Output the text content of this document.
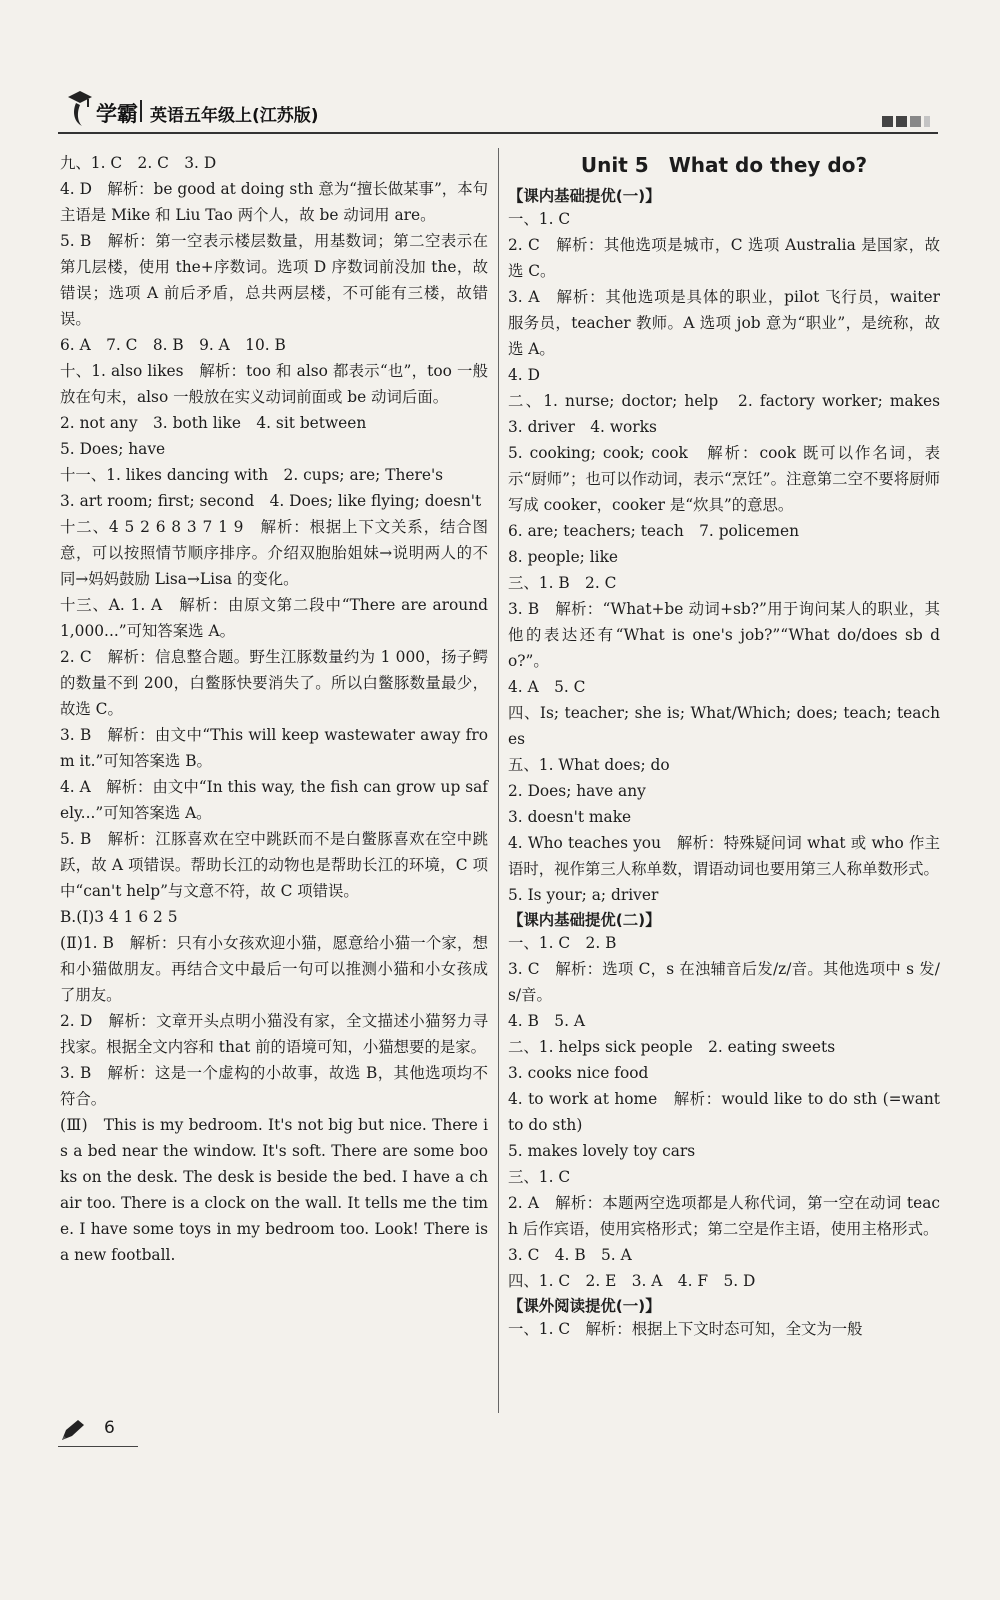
学霸 英语五年级上(江苏版)

九、1. C　2. C　3. D

4. D　解析：be good at doing sth 意为“擅长做某事”，本句主语是 Mike 和 Liu Tao 两个人，故 be 动词用 are。

5. B　解析：第一空表示楼层数量，用基数词；第二空表示在第几层楼，使用 the+序数词。选项 D 序数词前没加 the，故错误；选项 A 前后矛盾，总共两层楼，不可能有三楼，故错误。

6. A　7. C　8. B　9. A　10. B

十、1. also likes　解析：too 和 also 都表示“也”，too 一般放在句末，also 一般放在实义动词前面或 be 动词后面。

2. not any　3. both like　4. sit between

5. Does; have

十一、1. likes dancing with　2. cups; are; There's

3. art room; first; second　4. Does; like flying; doesn't

十二、4 5 2 6 8 3 7 1 9　解析：根据上下文关系，结合图意，可以按照情节顺序排序。介绍双胞胎姐妹→说明两人的不同→妈妈鼓励 Lisa→Lisa 的变化。

十三、A. 1. A　解析：由原文第二段中“There are around 1,000...”可知答案选 A。

2. C　解析：信息整合题。野生江豚数量约为 1 000，扬子鳄的数量不到 200，白鳖豚快要消失了。所以白鳖豚数量最少，故选 C。

3. B　解析：由文中“This will keep wastewater away from it.”可知答案选 B。

4. A　解析：由文中“In this way, the fish can grow up safely...”可知答案选 A。

5. B　解析：江豚喜欢在空中跳跃而不是白鳖豚喜欢在空中跳跃，故 A 项错误。帮助长江的动物也是帮助长江的环境，C 项中“can't help”与文意不符，故 C 项错误。

B.(Ⅰ)3 4 1 6 2 5

(Ⅱ)1. B　解析：只有小女孩欢迎小猫，愿意给小猫一个家，想和小猫做朋友。再结合文中最后一句可以推测小猫和小女孩成了朋友。

2. D　解析：文章开头点明小猫没有家，全文描述小猫努力寻找家。根据全文内容和 that 前的语境可知，小猫想要的是家。

3. B　解析：这是一个虚构的小故事，故选 B，其他选项均不符合。

(Ⅲ)　This is my bedroom. It's not big but nice. There is a bed near the window. It's soft. There are some books on the desk. The desk is beside the bed. I have a chair too. There is a clock on the wall. It tells me the time. I have some toys in my bedroom too. Look! There is a new football.

Unit 5　What do they do?

【课内基础提优(一)】

一、1. C

2. C　解析：其他选项是城市，C 选项 Australia 是国家，故选 C。

3. A　解析：其他选项是具体的职业，pilot 飞行员，waiter 服务员，teacher 教师。A 选项 job 意为“职业”，是统称，故选 A。

4. D

二、1. nurse; doctor; help　2. factory worker; makes　3. driver　4. works

5. cooking; cook; cook　解析：cook 既可以作名词，表示“厨师”；也可以作动词，表示“烹饪”。注意第二空不要将厨师写成 cooker，cooker 是“炊具”的意思。

6. are; teachers; teach　7. policemen

8. people; like

三、1. B　2. C

3. B　解析：“What+be 动词+sb?”用于询问某人的职业，其他的表达还有“What is one's job?”“What do/does sb do?”。

4. A　5. C

四、Is; teacher; she is; What/Which; does; teach; teaches

五、1. What does; do

2. Does; have any

3. doesn't make

4. Who teaches you　解析：特殊疑问词 what 或 who 作主语时，视作第三人称单数，谓语动词也要用第三人称单数形式。

5. Is your; a; driver

【课内基础提优(二)】

一、1. C　2. B

3. C　解析：选项 C，s 在浊辅音后发/z/音。其他选项中 s 发/s/音。

4. B　5. A

二、1. helps sick people　2. eating sweets

3. cooks nice food

4. to work at home　解析：would like to do sth (=want to do sth)

5. makes lovely toy cars

三、1. C

2. A　解析：本题两空选项都是人称代词，第一空在动词 teach 后作宾语，使用宾格形式；第二空是作主语，使用主格形式。

3. C　4. B　5. A

四、1. C　2. E　3. A　4. F　5. D

【课外阅读提优(一)】

一、1. C　解析：根据上下文时态可知，全文为一般

6
